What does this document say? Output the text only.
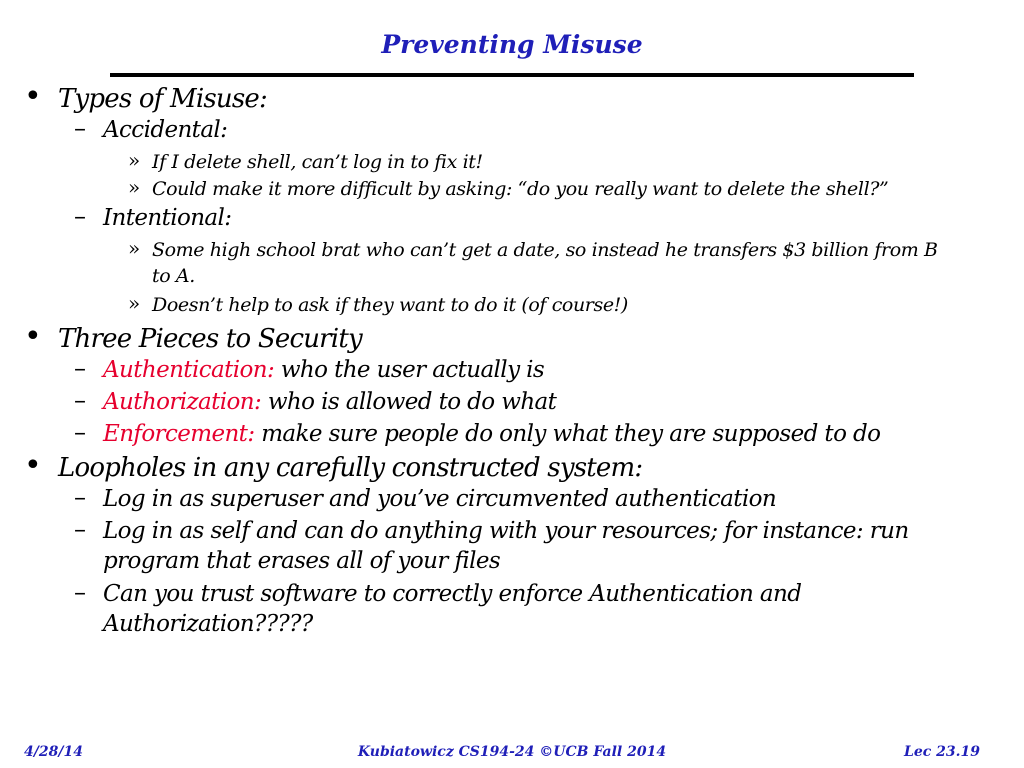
Preventing Misuse
• Types of Misuse:
– Accidental:
» If I delete shell, can’t log in to fix it!
» Could make it more difficult by asking: “do you really want to delete the shell?”
– Intentional:
» Some high school brat who can’t get a date, so instead he transfers $3 billion from B
to A.
» Doesn’t help to ask if they want to do it (of course!)
• Three Pieces to Security
– Authentication: who the user actually is
– Authorization: who is allowed to do what
– Enforcement: make sure people do only what they are supposed to do
• Loopholes in any carefully constructed system:
– Log in as superuser and you’ve circumvented authentication
– Log in as self and can do anything with your resources; for instance: run
program that erases all of your files
– Can you trust software to correctly enforce Authentication and
Authorization?????
4/28/14	Kubiatowicz CS194-24 ©UCB Fall 2014	Lec 23.19
